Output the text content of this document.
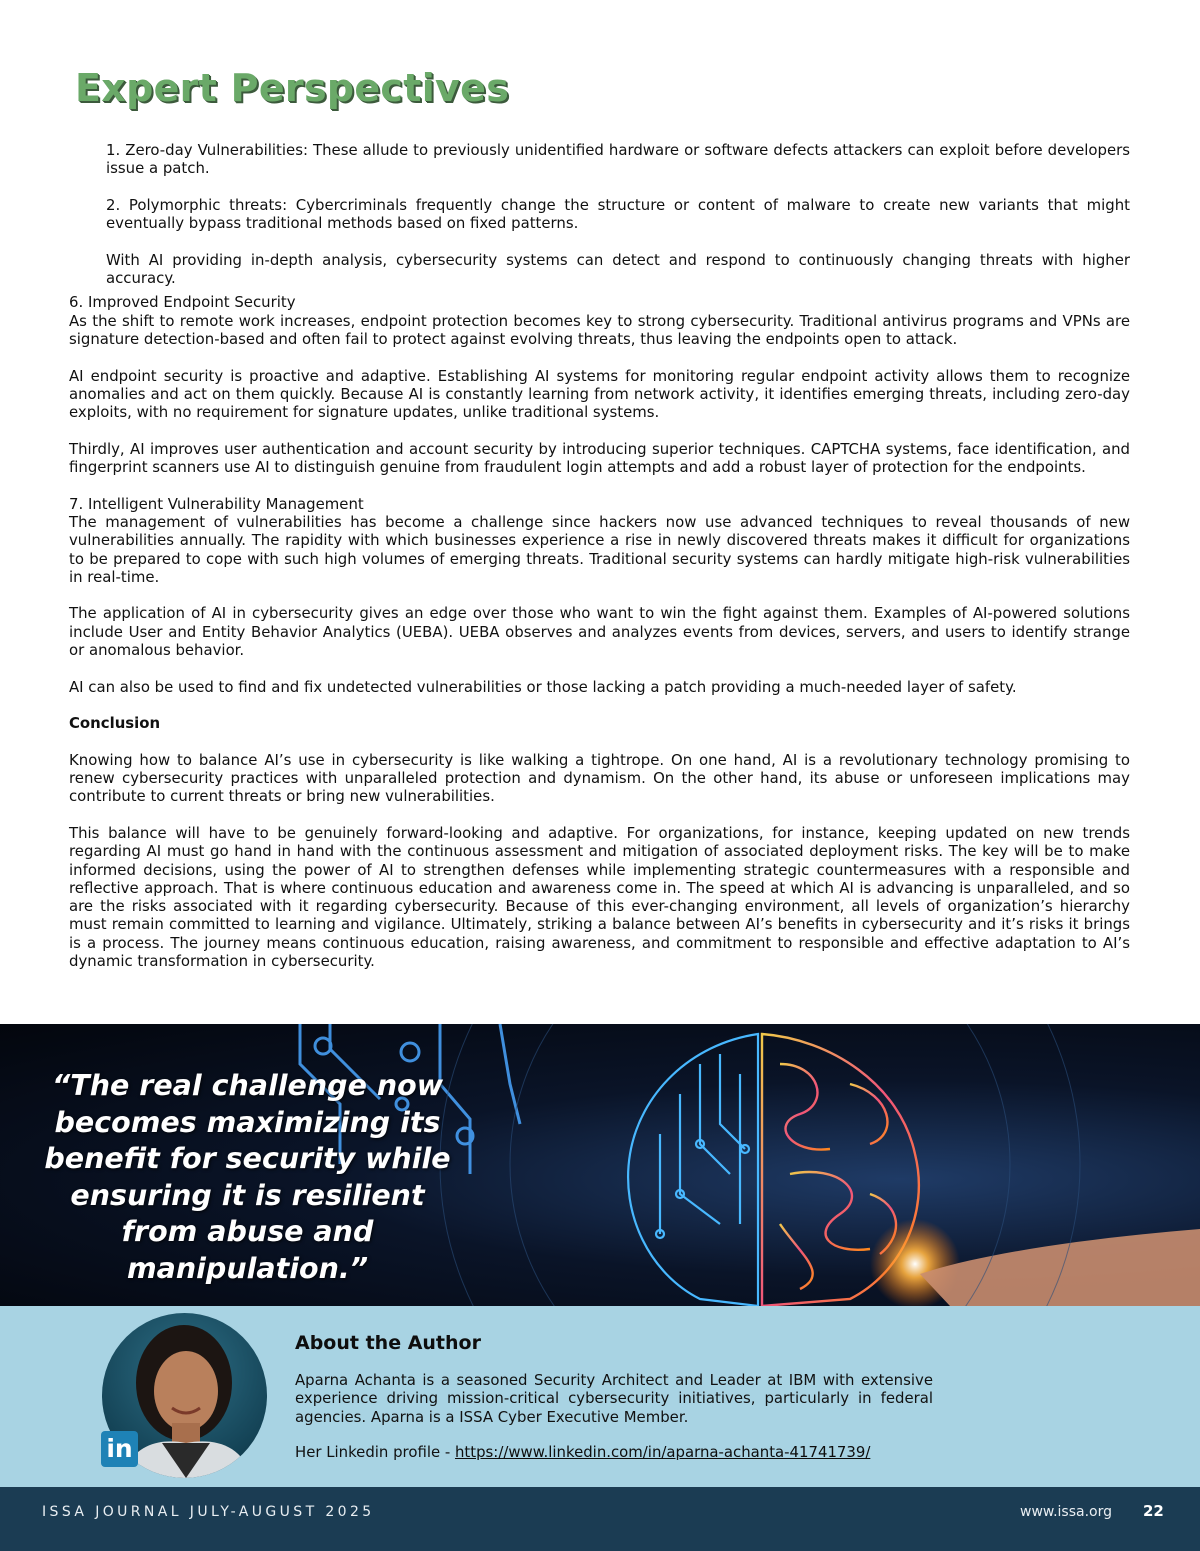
Expert Perspectives

1. Zero-day Vulnerabilities: These allude to previously unidentified hardware or software defects attackers can exploit before developers issue a patch.

2. Polymorphic threats: Cybercriminals frequently change the structure or content of malware to create new variants that might eventually bypass traditional methods based on fixed patterns.

With AI providing in-depth analysis, cybersecurity systems can detect and respond to continuously changing threats with higher accuracy.

6. Improved Endpoint Security

As the shift to remote work increases, endpoint protection becomes key to strong cybersecurity. Traditional antivirus programs and VPNs are signature detection-based and often fail to protect against evolving threats, thus leaving the endpoints open to attack.

AI endpoint security is proactive and adaptive. Establishing AI systems for monitoring regular endpoint activity allows them to recognize anomalies and act on them quickly. Because AI is constantly learning from network activity, it identifies emerging threats, including zero-day exploits, with no requirement for signature updates, unlike traditional systems.

Thirdly, AI improves user authentication and account security by introducing superior techniques. CAPTCHA systems, face identification, and fingerprint scanners use AI to distinguish genuine from fraudulent login attempts and add a robust layer of protection for the endpoints.

7. Intelligent Vulnerability Management

The management of vulnerabilities has become a challenge since hackers now use advanced techniques to reveal thousands of new vulnerabilities annually. The rapidity with which businesses experience a rise in newly discovered threats makes it difficult for organizations to be prepared to cope with such high volumes of emerging threats. Traditional security systems can hardly mitigate high-risk vulnerabilities in real-time.

The application of AI in cybersecurity gives an edge over those who want to win the fight against them. Examples of AI-powered solutions include User and Entity Behavior Analytics (UEBA). UEBA observes and analyzes events from devices, servers, and users to identify strange or anomalous behavior.

AI can also be used to find and fix undetected vulnerabilities or those lacking a patch providing a much-needed layer of safety.

Conclusion

Knowing how to balance AI’s use in cybersecurity is like walking a tightrope. On one hand, AI is a revolutionary technology promising to renew cybersecurity practices with unparalleled protection and dynamism. On the other hand, its abuse or unforeseen implications may contribute to current threats or bring new vulnerabilities.

This balance will have to be genuinely forward-looking and adaptive. For organizations, for instance, keeping updated on new trends regarding AI must go hand in hand with the continuous assessment and mitigation of associated deployment risks. The key will be to make informed decisions, using the power of AI to strengthen defenses while implementing strategic countermeasures with a responsible and reflective approach. That is where continuous education and awareness come in. The speed at which AI is advancing is unparalleled, and so are the risks associated with it regarding cybersecurity. Because of this ever-changing environment, all levels of organization’s hierarchy must remain committed to learning and vigilance. Ultimately, striking a balance between AI’s benefits in cybersecurity and it’s risks it brings is a process. The journey means continuous education, raising awareness, and commitment to responsible and effective adaptation to AI’s dynamic transformation in cybersecurity.

“The real challenge now becomes maximizing its benefit for security while ensuring it is resilient from abuse and manipulation.”
in
About the Author
Aparna Achanta is a seasoned Security Architect and Leader at IBM with extensive experience driving mission-critical cybersecurity initiatives, particularly in federal agencies. Aparna is a ISSA Cyber Executive Member.
Her Linkedin profile - https://www.linkedin.com/in/aparna-achanta-41741739/
ISSA JOURNAL JULY-AUGUST 2025	www.issa.org 22
